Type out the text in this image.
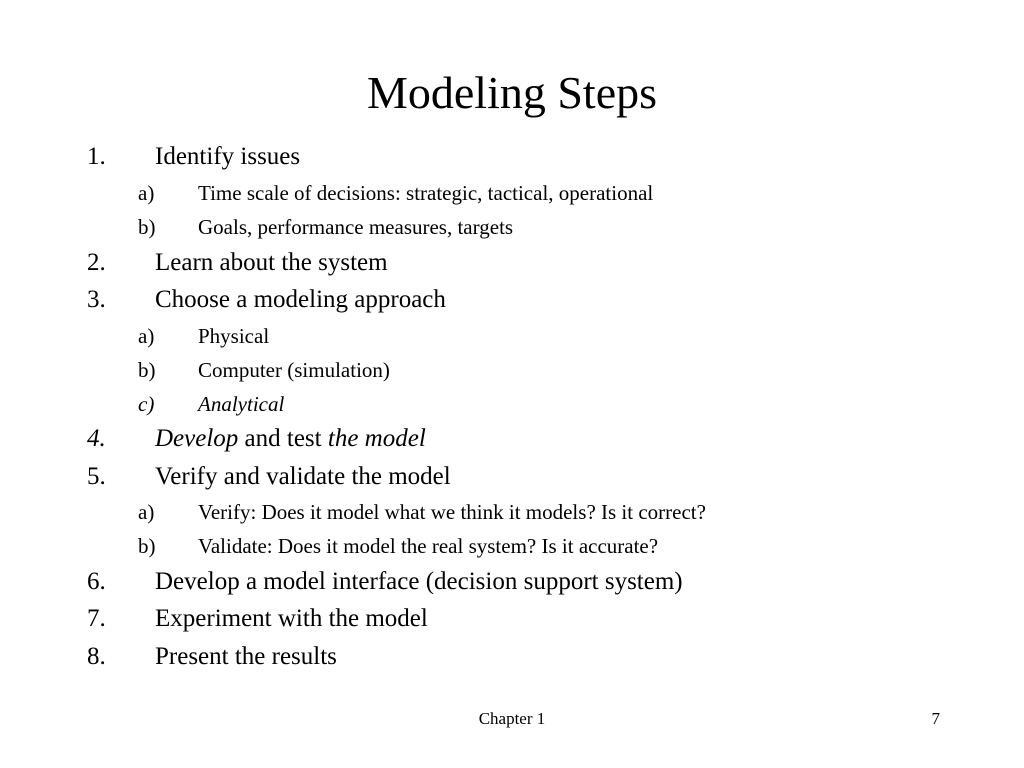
Modeling Steps
1. Identify issues
a) Time scale of decisions: strategic, tactical, operational
b) Goals, performance measures, targets
2. Learn about the system
3. Choose a modeling approach
a) Physical
b) Computer (simulation)
c) Analytical
4. Develop and test the model
5. Verify and validate the model
a) Verify: Does it model what we think it models? Is it correct?
b) Validate: Does it model the real system? Is it accurate?
6. Develop a model interface (decision support system)
7. Experiment with the model
8. Present the results
Chapter 1	7
